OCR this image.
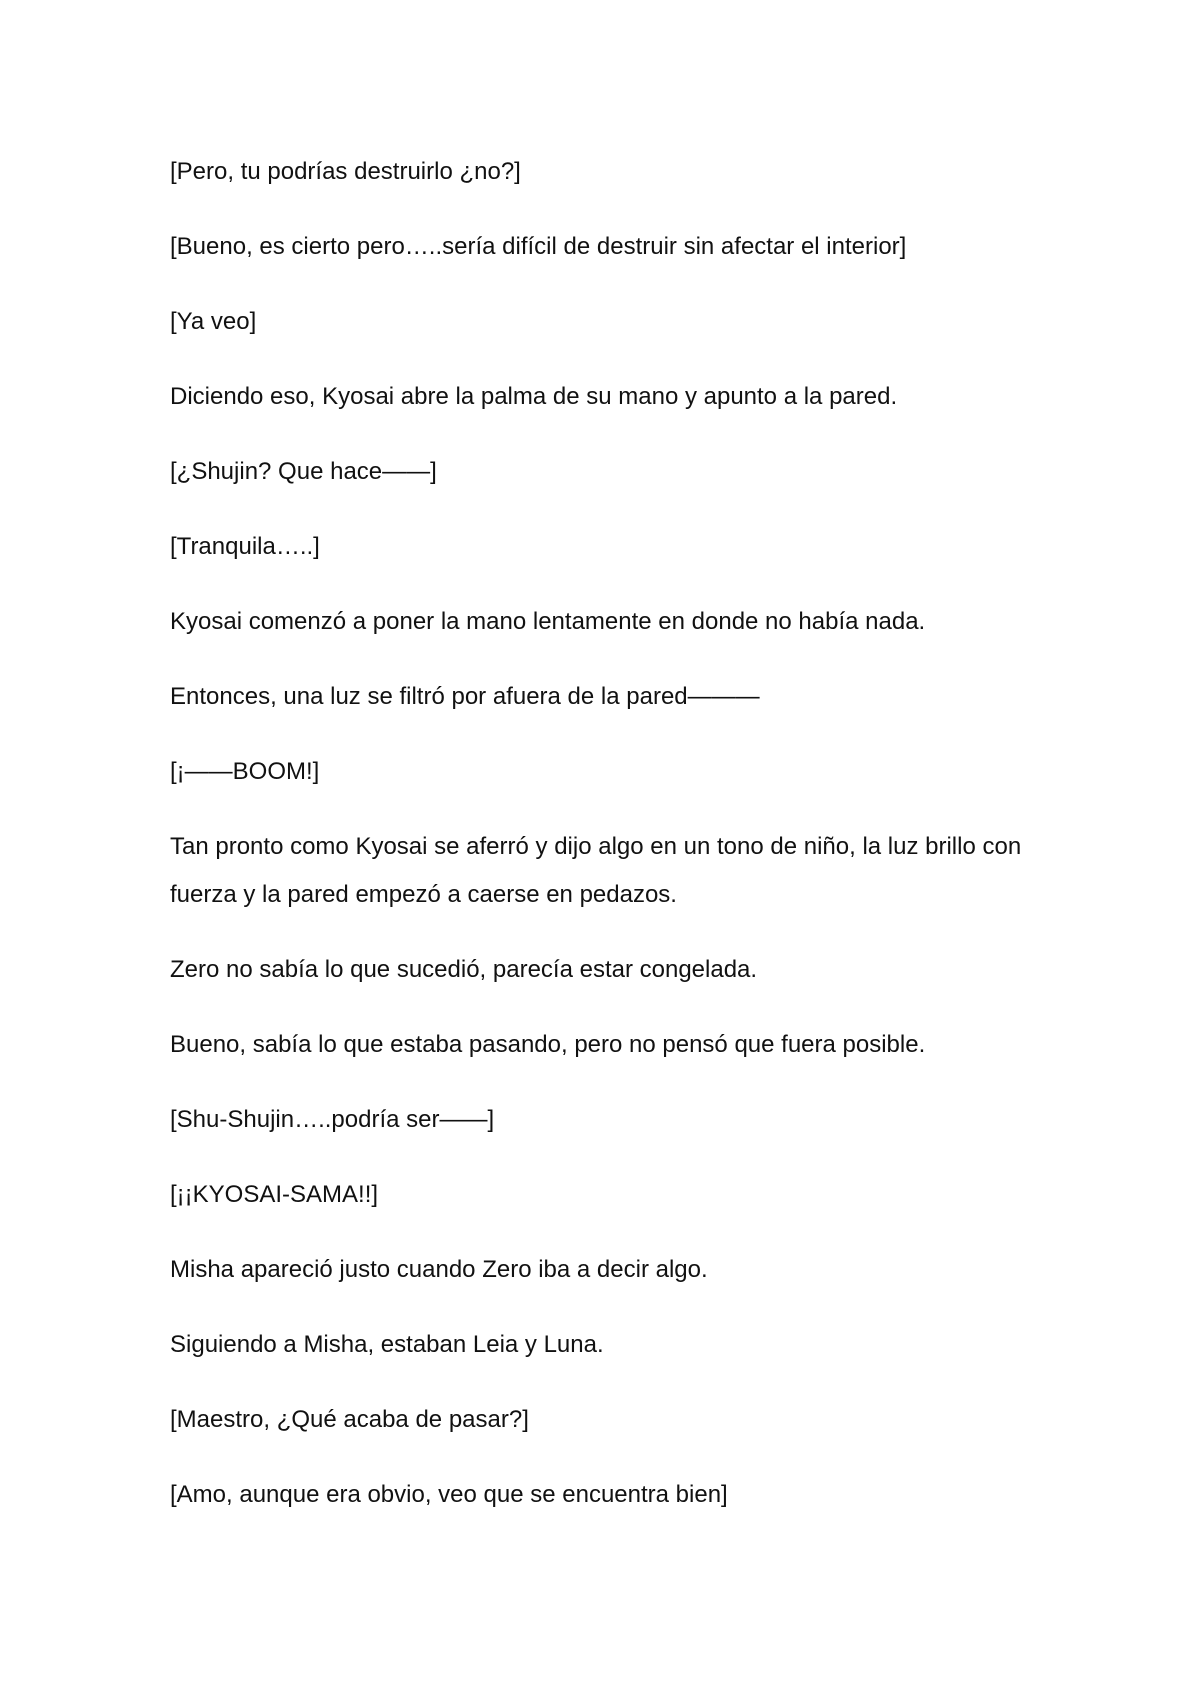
[Pero, tu podrías destruirlo ¿no?]

[Bueno, es cierto pero…..sería difícil de destruir sin afectar el interior]

[Ya veo]

Diciendo eso, Kyosai abre la palma de su mano y apunto a la pared.

[¿Shujin? Que hace——]

[Tranquila…..]

Kyosai comenzó a poner la mano lentamente en donde no había nada.

Entonces, una luz se filtró por afuera de la pared———

[¡——BOOM!]

Tan pronto como Kyosai se aferró y dijo algo en un tono de niño, la luz brillo con fuerza y la pared empezó a caerse en pedazos.

Zero no sabía lo que sucedió, parecía estar congelada.

Bueno, sabía lo que estaba pasando, pero no pensó que fuera posible.

[Shu-Shujin…..podría ser——]

[¡¡KYOSAI-SAMA!!]

Misha apareció justo cuando Zero iba a decir algo.

Siguiendo a Misha, estaban Leia y Luna.

[Maestro, ¿Qué acaba de pasar?]

[Amo, aunque era obvio, veo que se encuentra bien]
